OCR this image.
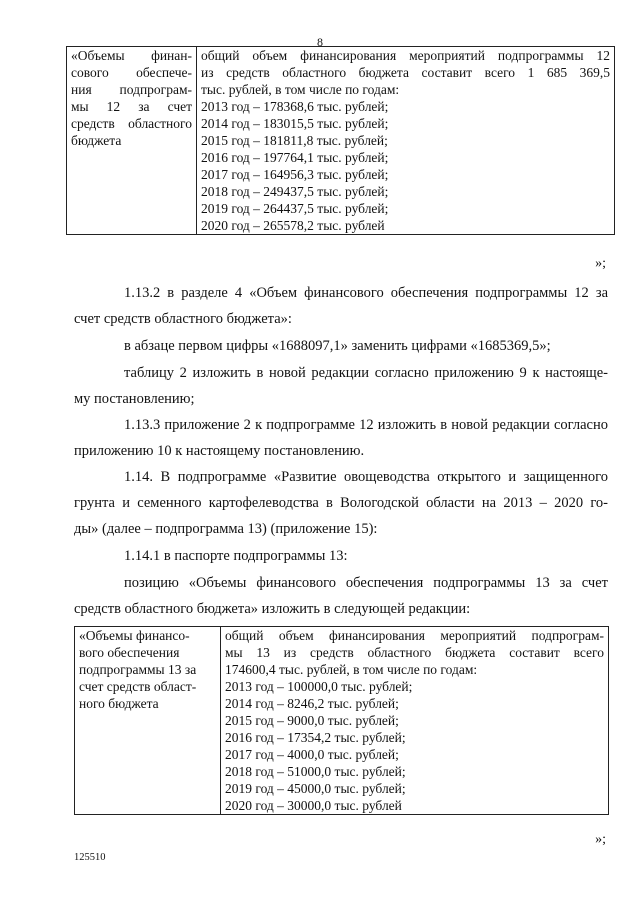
8
«Объемы финан-
сового обеспече-
ния подпрограм-
мы 12 за счет
средств областного бюджета

общий объем финансирования мероприятий подпрограммы 12
из средств областного бюджета составит всего 1 685 369,5
тыс. рублей, в том числе по годам:
2013 год – 178368,6 тыс. рублей;
2014 год – 183015,5 тыс. рублей;
2015 год – 181811,8 тыс. рублей;
2016 год – 197764,1 тыс. рублей;
2017 год – 164956,3 тыс. рублей;
2018 год – 249437,5 тыс. рублей;
2019 год – 264437,5 тыс. рублей;
2020 год – 265578,2 тыс. рублей
»;
1.13.2 в разделе 4 «Объем финансового обеспечения подпрограммы 12 за
счет средств областного бюджета»:
в абзаце первом цифры «1688097,1» заменить цифрами «1685369,5»;
таблицу 2 изложить в новой редакции согласно приложению 9 к настояще-
му постановлению;
1.13.3 приложение 2 к подпрограмме 12 изложить в новой редакции согласно
приложению 10 к настоящему постановлению.
1.14. В подпрограмме «Развитие овощеводства открытого и защищенного
грунта и семенного картофелеводства в Вологодской области на 2013 – 2020 го-
ды» (далее – подпрограмма 13) (приложение 15):
1.14.1 в паспорте подпрограммы 13:
позицию «Объемы финансового обеспечения подпрограммы 13 за счет
средств областного бюджета» изложить в следующей редакции:
«Объемы финансо-
вого обеспечения
подпрограммы 13 за
счет средств област-
ного бюджета

общий объем финансирования мероприятий подпрограм-
мы 13 из средств областного бюджета составит всего
174600,4 тыс. рублей, в том числе по годам:
2013 год – 100000,0 тыс. рублей;
2014 год – 8246,2 тыс. рублей;
2015 год – 9000,0 тыс. рублей;
2016 год – 17354,2 тыс. рублей;
2017 год – 4000,0 тыс. рублей;
2018 год – 51000,0 тыс. рублей;
2019 год – 45000,0 тыс. рублей;
2020 год – 30000,0 тыс. рублей
»;
125510
